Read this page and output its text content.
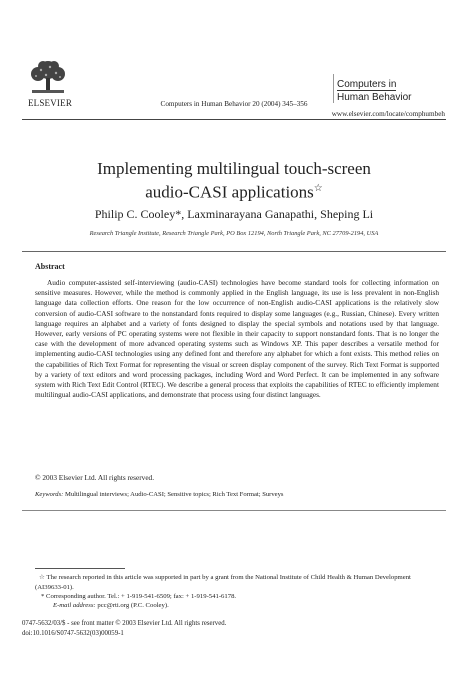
ELSEVIER	Computers in Human Behavior 20 (2004) 345–356
Computers in

Human Behavior
www.elsevier.com/locate/comphumbeh
Implementing multilingual touch-screen
audio-CASI applications☆
Philip C. Cooley*, Laxminarayana Ganapathi, Sheping Li
Research Triangle Institute, Research Triangle Park, PO Box 12194, North Triangle Park, NC 27709-2194, USA
Abstract
Audio computer-assisted self-interviewing (audio-CASI) technologies have become standard tools for collecting information on sensitive measures. However, while the method is commonly applied in the English language, its use is less prevalent in non-English language data collection efforts. One reason for the low occurrence of non-English audio-CASI applications is the relatively slow conversion of audio-CASI software to the nonstandard fonts required to display some languages (e.g., Russian, Chinese). Every written language requires an alphabet and a variety of fonts designed to display the special symbols and notations used by that language. However, early versions of PC operating systems were not flexible in their capacity to support nonstandard fonts. That is no longer the case with the development of more advanced operating systems such as Windows XP. This paper describes a versatile method for implementing audio-CASI technologies using any defined font and therefore any alphabet for which a font exists. This method relies on the capabilities of Rich Text Format for representing the visual or screen display component of the survey. Rich Text Format is supported by a variety of text editors and word processing packages, including Word and Word Perfect. It can be implemented in any software system with Rich Text Edit Control (RTEC). We describe a general process that exploits the capabilities of RTEC to efficiently implement multilingual audio-CASI applications, and demonstrate that process using four distinct languages.
© 2003 Elsevier Ltd. All rights reserved.
Keywords: Multilingual interviews; Audio-CASI; Sensitive topics; Rich Text Format; Surveys
☆ The research reported in this article was supported in part by a grant from the National Institute of Child Health & Human Development (AI39633-01).
* Corresponding author. Tel.: + 1-919-541-6509; fax: + 1-919-541-6178.
E-mail address: pcc@rti.org (P.C. Cooley).
0747-5632/03/$ - see front matter © 2003 Elsevier Ltd. All rights reserved.
doi:10.1016/S0747-5632(03)00059-1
